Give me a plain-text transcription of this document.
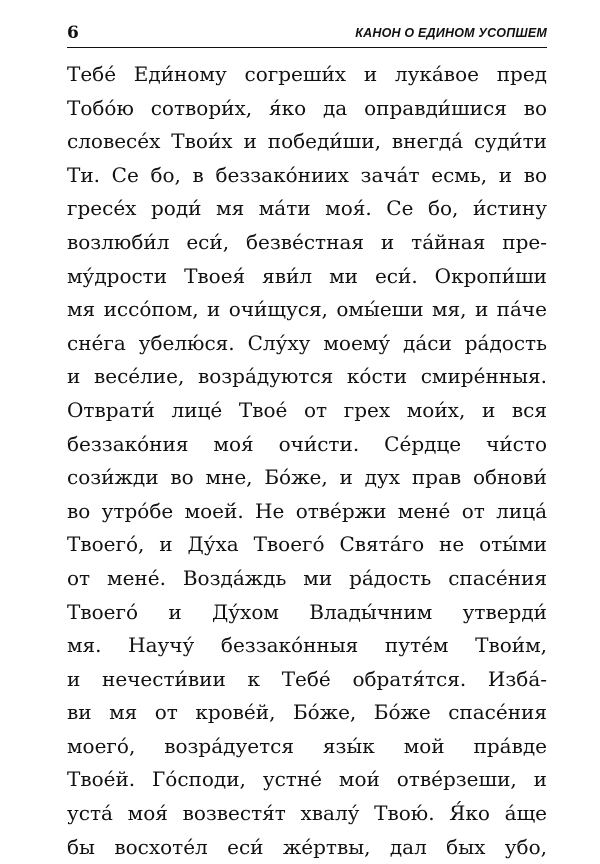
6	КАНОН О ЕДИНОМ УСОПШЕМ
Тебе́ Еди́ному согреши́х и лука́вое пред
Тобо́ю сотвори́х, я́ко да оправди́шися во
словесе́х Твои́х и победи́ши, внегда́ суди́ти
Ти. Се бо, в беззако́ниих зача́т есмь, и во
гресе́х роди́ мя ма́ти моя́. Се бо, и́стину
возлюби́л еси́, безве́стная и та́йная пре-
му́дрости Твоея́ яви́л ми еси́. Окропи́ши
мя иссо́пом, и очи́щуся, омы́еши мя, и па́че
сне́га убелю́ся. Слу́ху моему́ да́си ра́дость
и весе́лие, возра́дуются ко́сти смире́нныя.
Отврати́ лице́ Твое́ от грех мои́х, и вся
беззако́ния моя́ очи́сти. Се́рдце чи́сто
сози́жди во мне, Бо́же, и дух прав обнови́
во утро́бе моей́. Не отве́ржи мене́ от лица́
Твоего́, и Ду́ха Твоего́ Свята́го не оты́ми
от мене́. Возда́ждь ми ра́дость спасе́ния
Твоего́ и Ду́хом Влады́чним утверди́
мя. Научу́ беззако́нныя путе́м Твои́м,
и нечести́вии к Тебе́ обратя́тся. Изба́-
ви мя от крове́й, Бо́же, Бо́же спасе́ния
моего́, возра́дуется язы́к мой пра́вде
Твое́й. Го́споди, устне́ мои́ отве́рзеши, и
уста́ моя́ возвестя́т хвалу́ Твою́. Я́ко а́ще
бы восхоте́л еси́ же́ртвы, дал бых убо,
